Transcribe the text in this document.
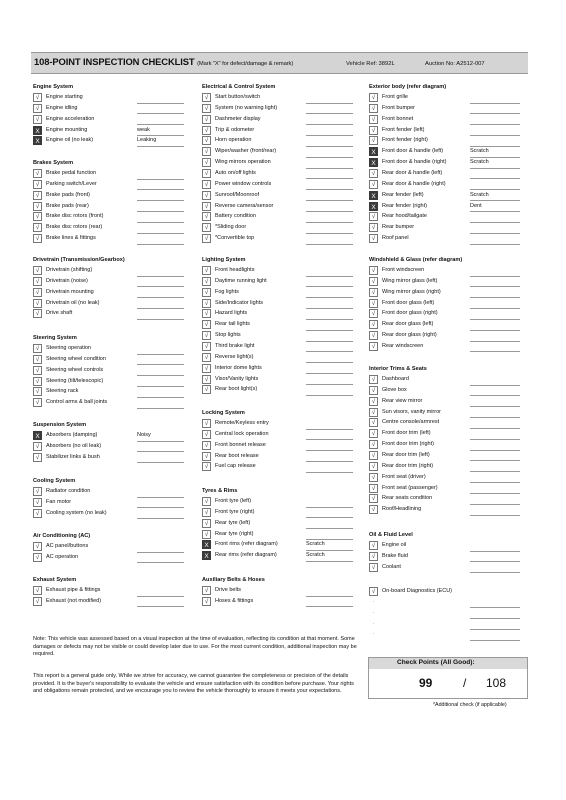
108-POINT INSPECTION CHECKLIST (Mark "X" for defect/damage & remark)	Vehicle Ref: 3892L	Auction No: A2512-007
Engine System
√	Engine starting
√	Engine idling
√	Engine acceleration
X	Engine mounting	weak
X	Engine oil (no leak)	Leaking
Brakes System
√	Brake pedal function
√	Parking switch/Lever
√	Brake pads (front)
√	Brake pads (rear)
√	Brake disc rotors (front)
√	Brake disc rotors (rear)
√	Brake lines & fittings
Drivetrain (Transmission/Gearbox)
√	Drivetrain (shifting)
√	Drivetrain (noise)
√	Drivetrain mounting
√	Drivetrain oil (no leak)
√	Drive shaft
Steering System
√	Steering operation
√	Steering wheel condition
√	Steering wheel controls
√	Steering (tilt/telescopic)
√	Steering rack
√	Control arms & ball joints
Suspension System
X	Absorbers (damping)	Noisy
√	Absorbers (no oil leak)
√	Stabilizer links & bush
Cooling System
√	Radiator condition
√	Fan motor
√	Cooling system (no leak)
Air Conditioning (AC)
√	AC panel/buttons
√	AC operation
Exhaust System
√	Exhaust pipe & fittings
√	Exhaust (not modified)
Electrical & Control System
√	Start button/switch
√	System (no warning light)
√	Dashmeter display
√	Trip & odometer
√	Horn operation
√	Wiper/washer (front/rear)
√	Wing mirrors operation
√	Auto on/off lights
√	Power window controls
√	Sunroof/Moonroof
√	Reverse camera/sensor
√	Battery condition
√	*Sliding door
√	*Convertible top
Lighting System
√	Front headlights
√	Daytime running light
√	Fog lights
√	Side/Indicator lights
√	Hazard lights
√	Rear tail lights
√	Stop lights
√	Third brake light
√	Reverse light(s)
√	Interior dome lights
√	Visor/Vanity lights
√	Rear boot light(s)
Locking System
√	Remote/Keyless entry
√	Central lock operation
√	Front bonnet release
√	Rear boot release
√	Fuel cap release
Tyres & Rims
√	Front tyre (left)
√	Front tyre (right)
√	Rear tyre (left)
√	Rear tyre (right)
X	Front rims (refer diagram)	Scratch
X	Rear rims (refer diagram)	Scratch
Auxiliary Belts & Hoses
√	Drive belts
√	Hoses & fittings
Exterior body (refer diagram)
√	Front grille
√	Front bumper
√	Front bonnet
√	Front fender (left)
√	Front fender (right)
X	Front door & handle (left)	Scratch
X	Front door & handle (right)	Scratch
√	Rear door & handle (left)
√	Rear door & handle (right)
X	Rear fender (left)	Scratch
X	Rear fender (right)	Dent
√	Rear hood/tailgate
√	Rear bumper
√	Roof panel
Windshield & Glass (refer diagram)
√	Front windscreen
√	Wing mirror glass (left)
√	Wing mirror glass (right)
√	Front door glass (left)
√	Front door glass (right)
√	Rear door glass (left)
√	Rear door glass (right)
√	Rear windscreen
Interior Trims & Seats
√	Dashboard
√	Glove box
√	Rear view mirror
√	Sun visors, vanity mirror
√	Centre console/armrest
√	Front door trim (left)
√	Front door trim (right)
√	Rear door trim (left)
√	Rear door trim (right)
√	Front seat (driver)
√	Front seat (passenger)
√	Rear seats condition
√	Roof/Headlining
Oil & Fluid Level
√	Engine oil
√	Brake fluid
√	Coolant
√	On-board Diagnostics (ECU)
·
·
·
·
Note: This vehicle was assessed based on a visual inspection at the time of evaluation, reflecting its condition at that moment. Some damages or defects may not be visible or could develop later due to use. For the most current condition, additional inspection may be required.
This report is a general guide only. While we strive for accuracy, we cannot guarantee the completeness or precision of the details provided. It is the buyer's responsibility to evaluate the vehicle and ensure satisfaction with its condition before purchase. Your rights and obligations remain protected, and we encourage you to review the vehicle thoroughly to ensure it meets your expectations.
Check Points (All Good):
99	/ 108
*Additional check (if applicable)
